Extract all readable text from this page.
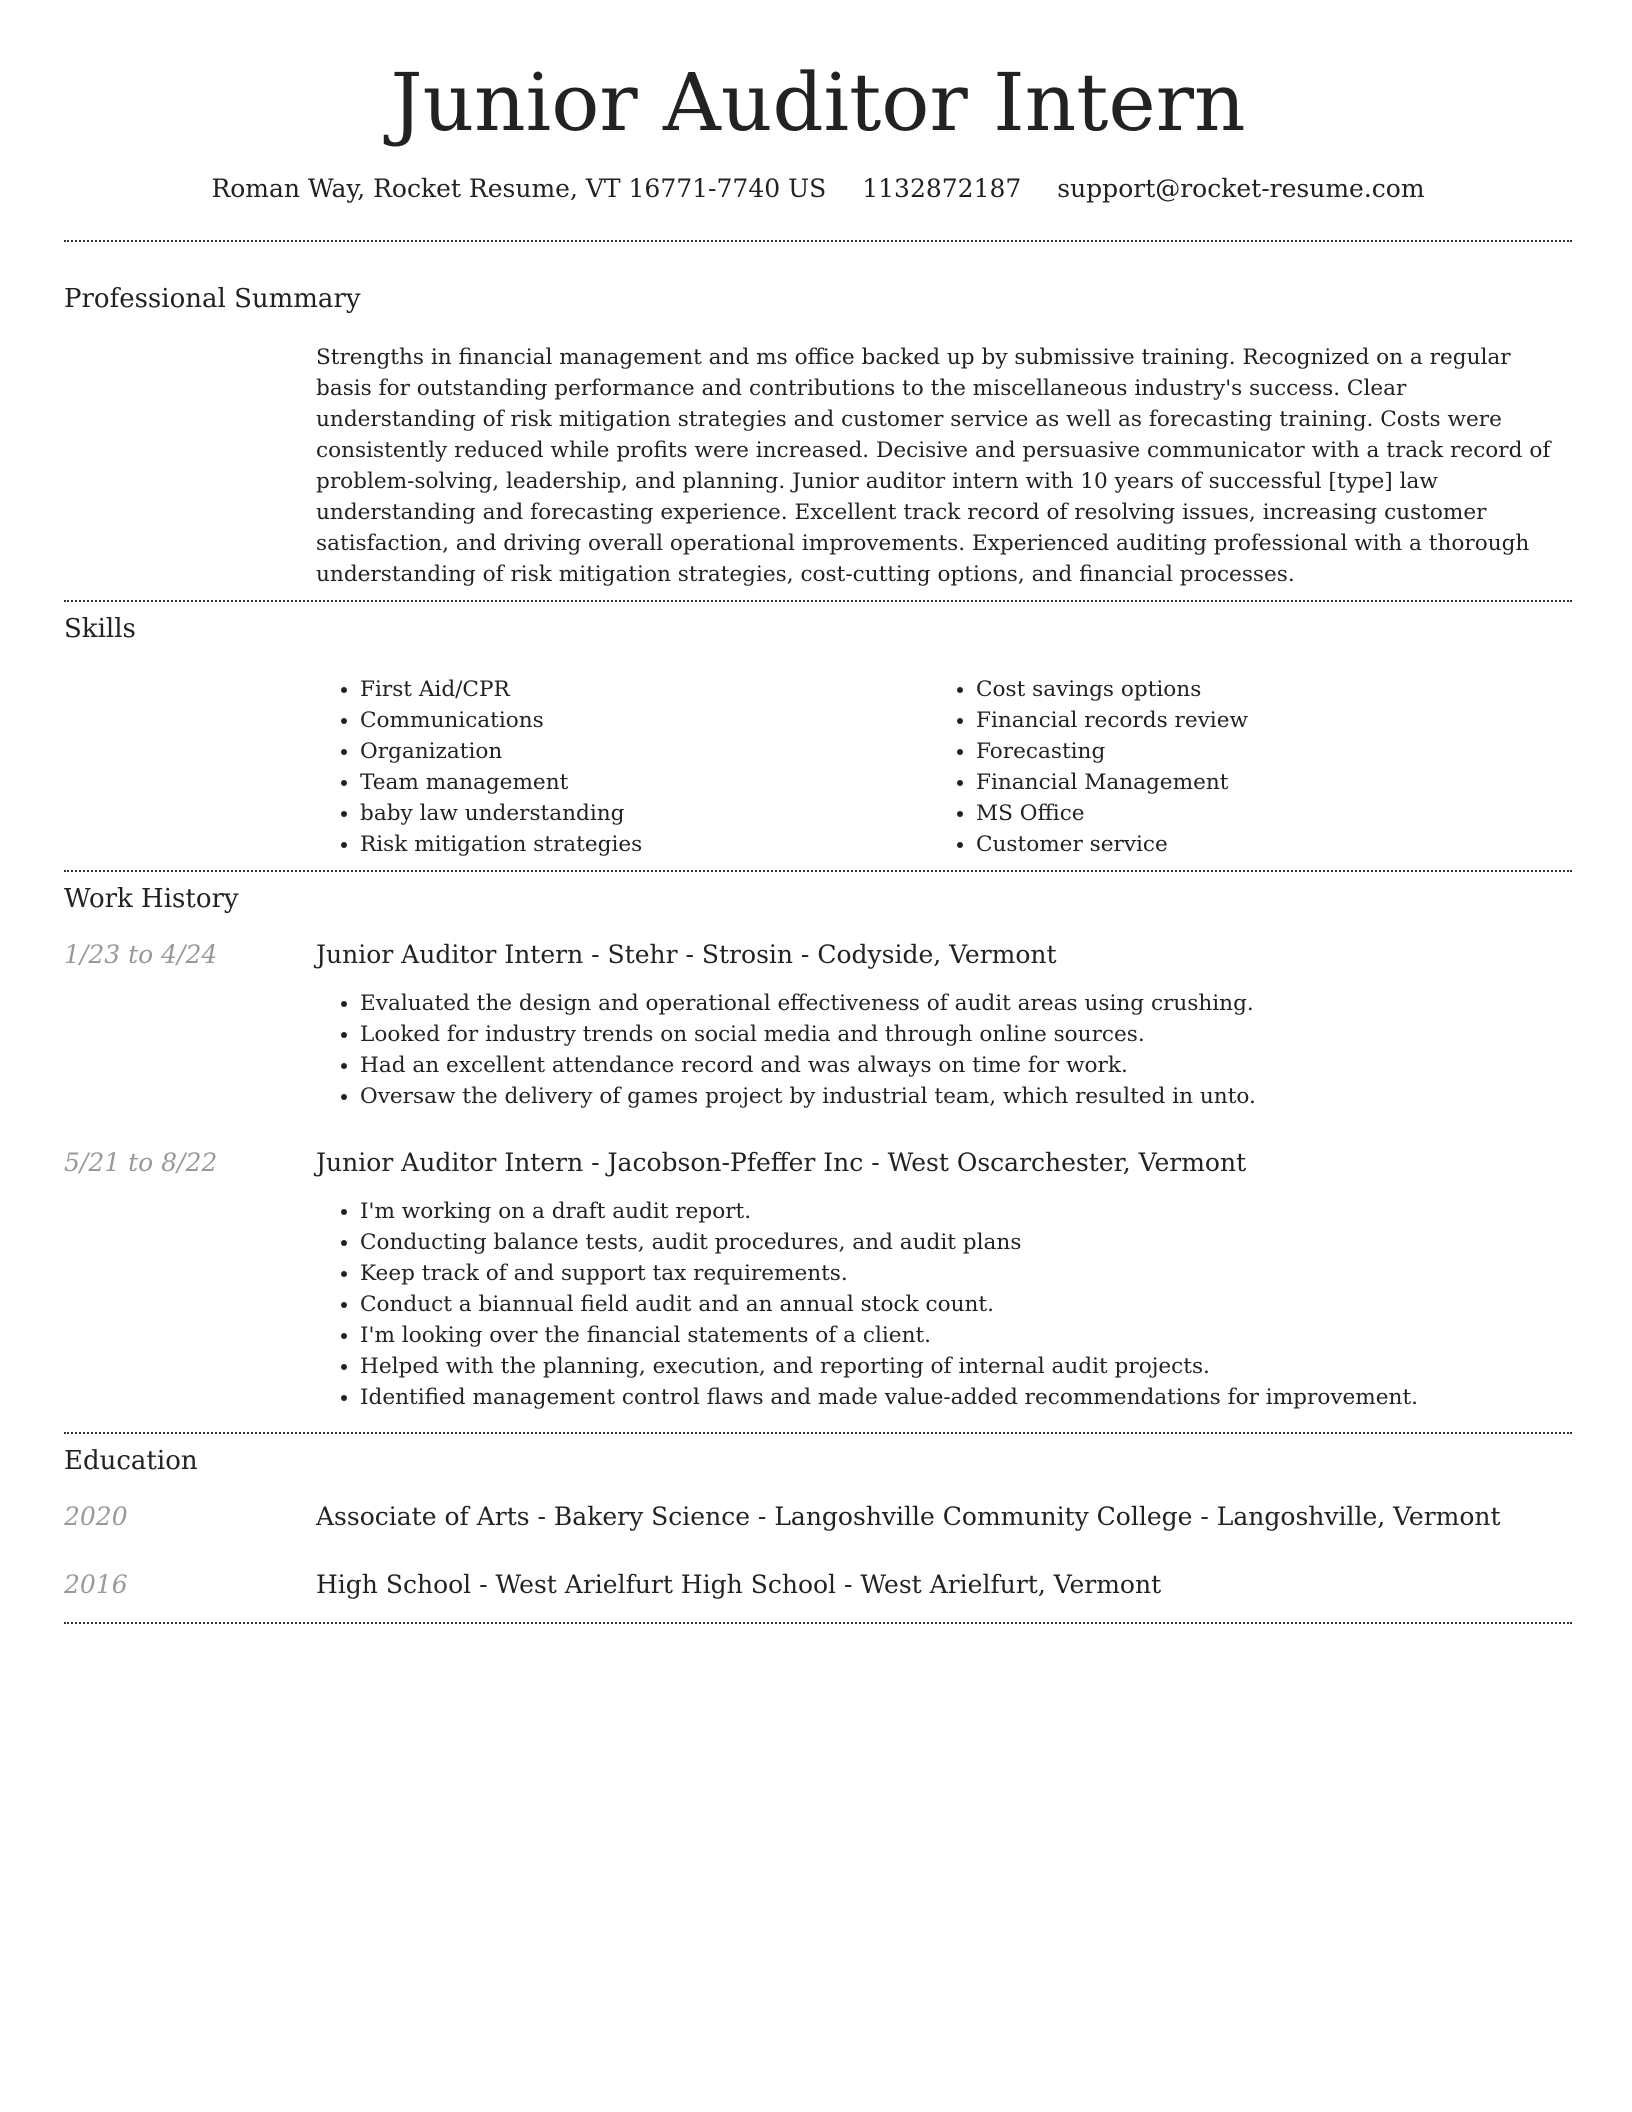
Junior Auditor Intern
Roman Way, Rocket Resume, VT 16771-7740 US 1132872187 support@rocket-resume.com
Professional Summary

Strengths in financial management and ms office backed up by submissive training. Recognized on a regular basis for outstanding performance and contributions to the miscellaneous industry's success. Clear understanding of risk mitigation strategies and customer service as well as forecasting training. Costs were consistently reduced while profits were increased. Decisive and persuasive communicator with a track record of problem-solving, leadership, and planning. Junior auditor intern with 10 years of successful [type] law understanding and forecasting experience. Excellent track record of resolving issues, increasing customer satisfaction, and driving overall operational improvements. Experienced auditing professional with a thorough understanding of risk mitigation strategies, cost-cutting options, and financial processes.

Skills
• First Aid/CPR
• Communications
• Organization
• Team management
• baby law understanding
• Risk mitigation strategies
• Cost savings options
• Financial records review
• Forecasting
• Financial Management
• MS Office
• Customer service
Work History
1/23 to 4/24	Junior Auditor Intern - Stehr - Strosin - Codyside, Vermont
• Evaluated the design and operational effectiveness of audit areas using crushing.
• Looked for industry trends on social media and through online sources.
• Had an excellent attendance record and was always on time for work.
• Oversaw the delivery of games project by industrial team, which resulted in unto.
5/21 to 8/22	Junior Auditor Intern - Jacobson-Pfeffer Inc - West Oscarchester, Vermont
• I'm working on a draft audit report.
• Conducting balance tests, audit procedures, and audit plans
• Keep track of and support tax requirements.
• Conduct a biannual field audit and an annual stock count.
• I'm looking over the financial statements of a client.
• Helped with the planning, execution, and reporting of internal audit projects.
• Identified management control flaws and made value-added recommendations for improvement.
Education
2020	Associate of Arts - Bakery Science - Langoshville Community College - Langoshville, Vermont
2016	High School - West Arielfurt High School - West Arielfurt, Vermont
